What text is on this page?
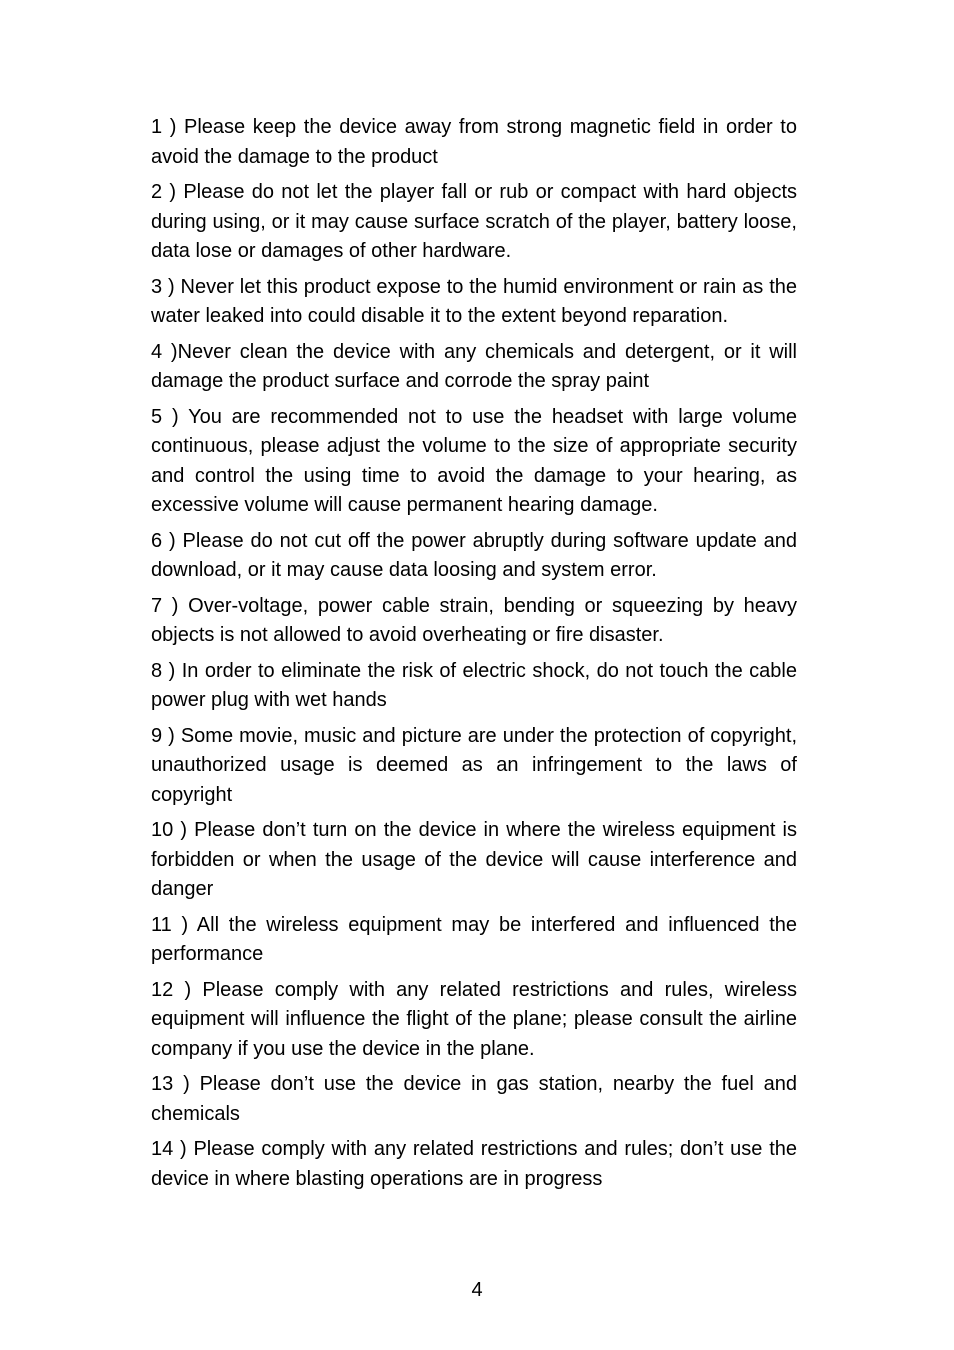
1 ) Please keep the device away from strong magnetic field in order to   avoid the damage to the product

2 ) Please do not let the player fall or rub or compact with hard objects during using, or it may cause surface scratch of the player, battery loose, data lose or damages of other hardware.

3 ) Never let this product expose to the humid environment or rain as the water leaked into could disable it to the extent beyond reparation.

4 )Never clean the device with any chemicals and detergent, or it will damage the product surface and corrode the spray paint

5 ) You are recommended not to use the headset with large volume continuous, please adjust the volume to the size of appropriate security and control the using time to avoid the damage to your hearing, as excessive volume will cause permanent hearing damage.

6 ) Please do not cut off the power abruptly during software update and download, or it may cause data loosing and system error.

7 ) Over-voltage, power cable strain, bending or squeezing by heavy objects is not allowed to avoid overheating or fire disaster.

8 ) In order to eliminate the risk of electric shock, do not touch the cable power plug with wet hands

9 ) Some movie, music and picture are under the protection of copyright, unauthorized usage is deemed as an infringement to the laws of copyright

10 ) Please don’t turn on the device in where the wireless equipment is forbidden or when the usage of the device will cause interference and danger

11 ) All the wireless equipment may be interfered and influenced the performance

12 ) Please comply with any related restrictions and rules, wireless equipment will influence the flight of the plane; please consult the airline company if you use the device in the plane.

13 ) Please don’t use the device in gas station, nearby the fuel and chemicals

14 ) Please comply with any related restrictions and rules; don’t use the device in where blasting operations are in progress

4
